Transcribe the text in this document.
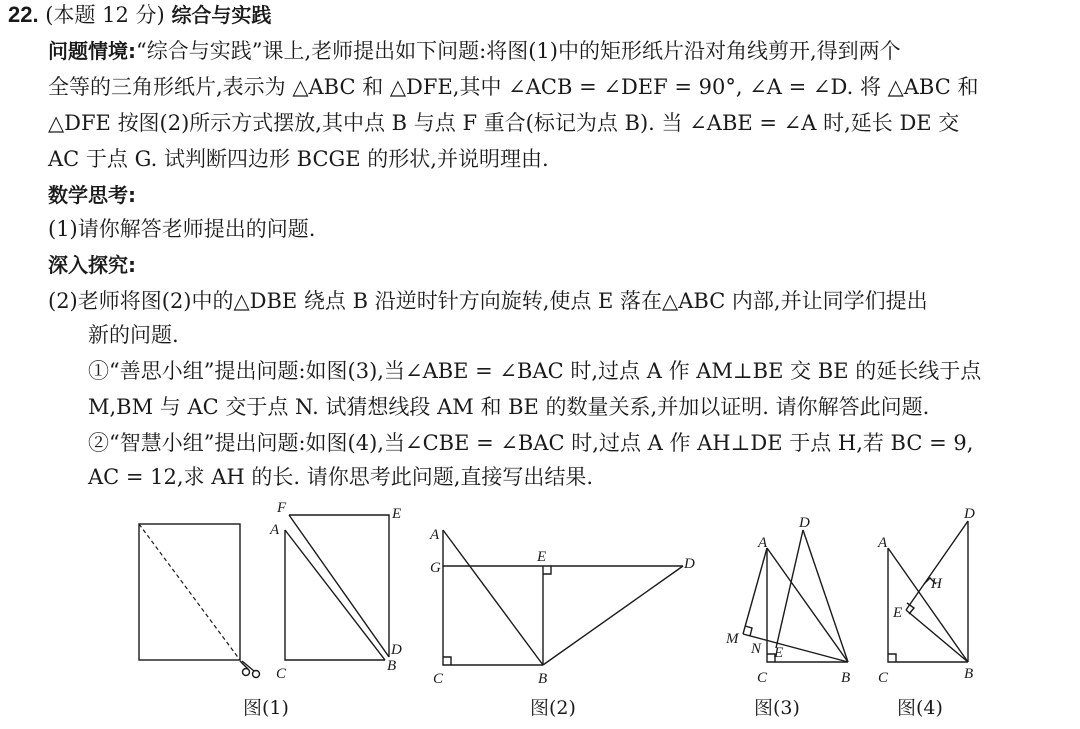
22. (本题 12 分) 综合与实践
问题情境:“综合与实践”课上,老师提出如下问题:将图(1)中的矩形纸片沿对角线剪开,得到两个
全等的三角形纸片,表示为 △ABC 和 △DFE,其中 ∠ACB = ∠DEF = 90°, ∠A = ∠D. 将 △ABC 和
△DFE 按图(2)所示方式摆放,其中点 B 与点 F 重合(标记为点 B). 当 ∠ABE = ∠A 时,延长 DE 交
AC 于点 G. 试判断四边形 BCGE 的形状,并说明理由.
数学思考:
(1)请你解答老师提出的问题.
深入探究:
(2)老师将图(2)中的△DBE 绕点 B 沿逆时针方向旋转,使点 E 落在△ABC 内部,并让同学们提出
新的问题.
①“善思小组”提出问题:如图(3),当∠ABE = ∠BAC 时,过点 A 作 AM⊥BE 交 BE 的延长线于点
M,BM 与 AC 交于点 N. 试猜想线段 AM 和 BE 的数量关系,并加以证明. 请你解答此问题.
②“智慧小组”提出问题:如图(4),当∠CBE = ∠BAC 时,过点 A 作 AH⊥DE 于点 H,若 BC = 9,
AC = 12,求 AH 的长. 请你思考此问题,直接写出结果.
图(1)
F	E
A
D
C	B
A
E
G	D
C	B
图(2)
D
A
M
N E
C	B
图(3)
D
A
H
E
C	B
图(4)
